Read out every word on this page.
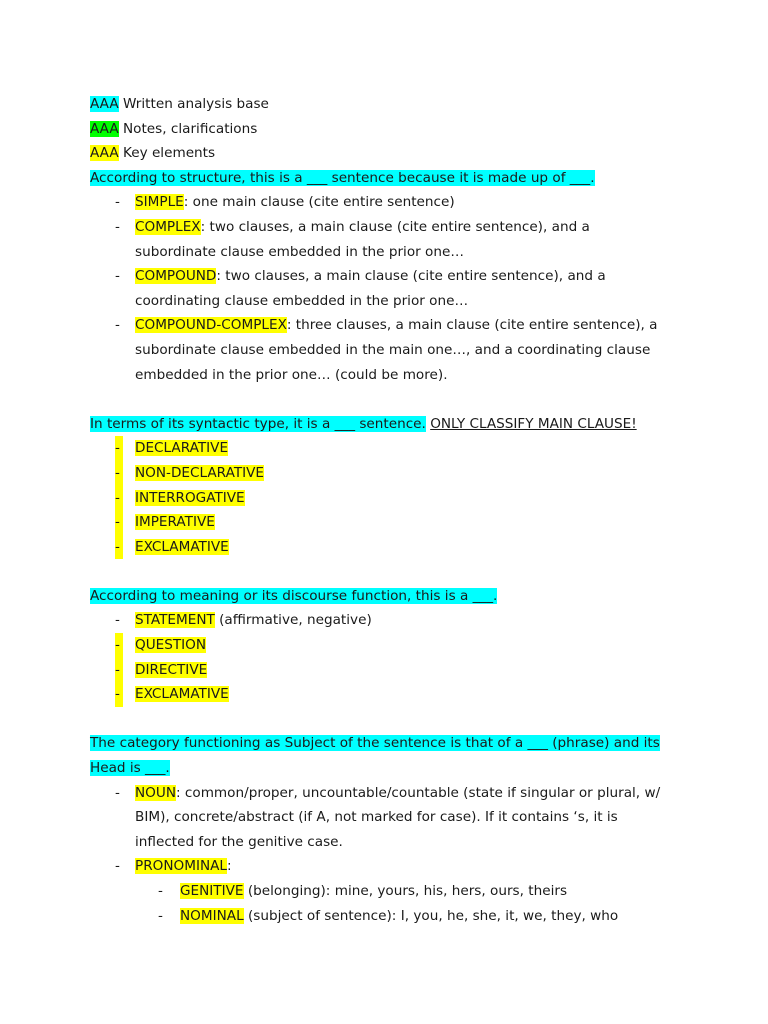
AAA Written analysis base
AAA Notes, clarifications
AAA Key elements
According to structure, this is a ___ sentence because it is made up of ___.
- SIMPLE: one main clause (cite entire sentence)
- COMPLEX: two clauses, a main clause (cite entire sentence), and a
subordinate clause embedded in the prior one…
- COMPOUND: two clauses, a main clause (cite entire sentence), and a
coordinating clause embedded in the prior one…
- COMPOUND-COMPLEX: three clauses, a main clause (cite entire sentence), a
subordinate clause embedded in the main one…, and a coordinating clause
embedded in the prior one… (could be more).
In terms of its syntactic type, it is a ___ sentence. ONLY CLASSIFY MAIN CLAUSE!
- DECLARATIVE
- NON-DECLARATIVE
- INTERROGATIVE
- IMPERATIVE
- EXCLAMATIVE
According to meaning or its discourse function, this is a ___.
- STATEMENT (affirmative, negative)
- QUESTION
- DIRECTIVE
- EXCLAMATIVE
The category functioning as Subject of the sentence is that of a ___ (phrase) and its
Head is ___.
- NOUN: common/proper, uncountable/countable (state if singular or plural, w/
BIM), concrete/abstract (if A, not marked for case). If it contains ‘s, it is
inflected for the genitive case.
- PRONOMINAL:
- GENITIVE (belonging): mine, yours, his, hers, ours, theirs
- NOMINAL (subject of sentence): I, you, he, she, it, we, they, who
